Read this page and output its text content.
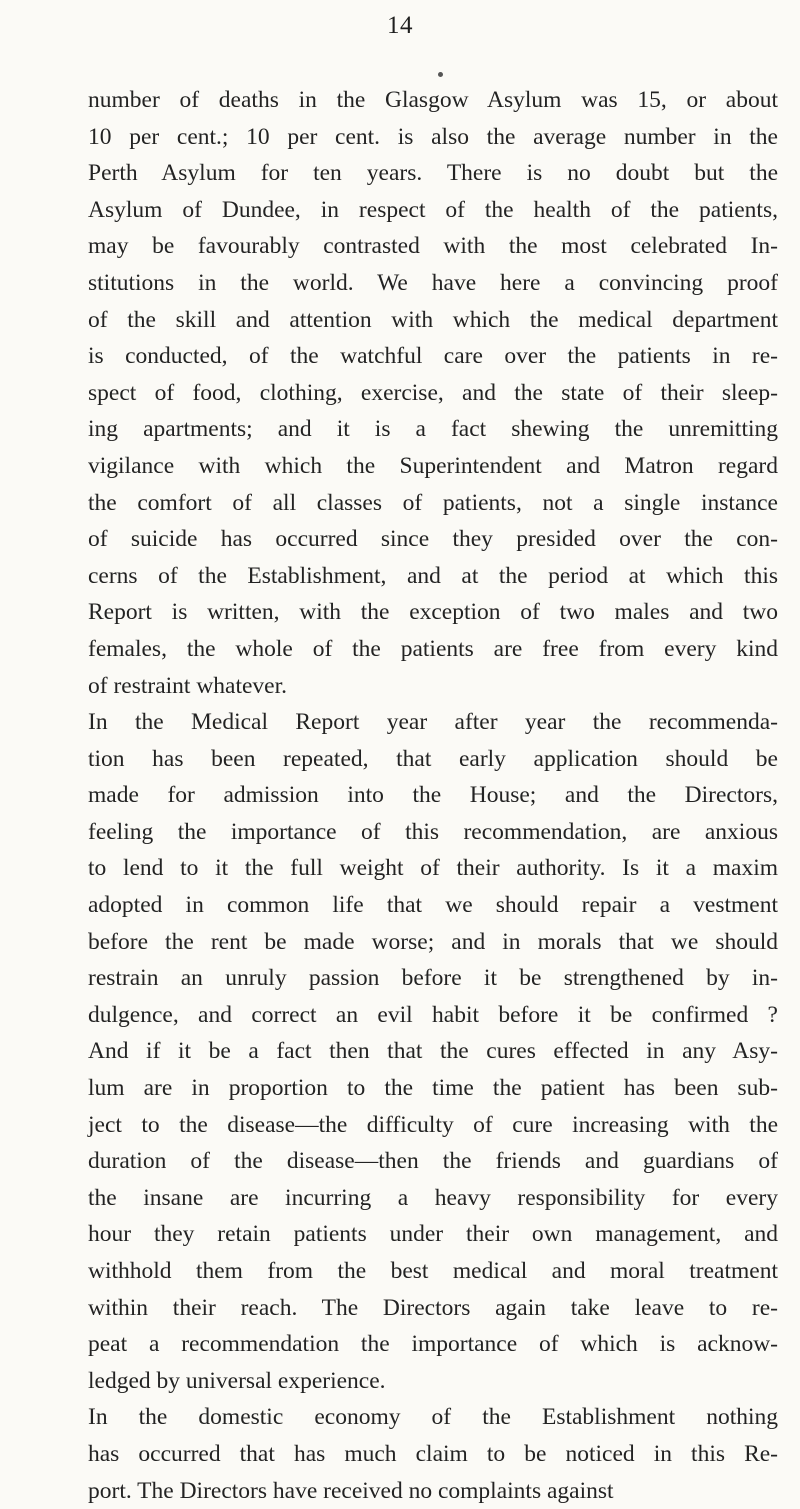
14
number of deaths in the Glasgow Asylum was 15, or about
10 per cent.; 10 per cent. is also the average number in the
Perth Asylum for ten years. There is no doubt but the
Asylum of Dundee, in respect of the health of the patients,
may be favourably contrasted with the most celebrated In-
stitutions in the world. We have here a convincing proof
of the skill and attention with which the medical department
is conducted, of the watchful care over the patients in re-
spect of food, clothing, exercise, and the state of their sleep-
ing apartments; and it is a fact shewing the unremitting
vigilance with which the Superintendent and Matron regard
the comfort of all classes of patients, not a single instance
of suicide has occurred since they presided over the con-
cerns of the Establishment, and at the period at which this
Report is written, with the exception of two males and two
females, the whole of the patients are free from every kind
of restraint whatever.
In the Medical Report year after year the recommenda-
tion has been repeated, that early application should be
made for admission into the House; and the Directors,
feeling the importance of this recommendation, are anxious
to lend to it the full weight of their authority. Is it a maxim
adopted in common life that we should repair a vestment
before the rent be made worse; and in morals that we should
restrain an unruly passion before it be strengthened by in-
dulgence, and correct an evil habit before it be confirmed ?
And if it be a fact then that the cures effected in any Asy-
lum are in proportion to the time the patient has been sub-
ject to the disease—the difficulty of cure increasing with the
duration of the disease—then the friends and guardians of
the insane are incurring a heavy responsibility for every
hour they retain patients under their own management, and
withhold them from the best medical and moral treatment
within their reach. The Directors again take leave to re-
peat a recommendation the importance of which is acknow-
ledged by universal experience.
In the domestic economy of the Establishment nothing
has occurred that has much claim to be noticed in this Re-
port. The Directors have received no complaints against
